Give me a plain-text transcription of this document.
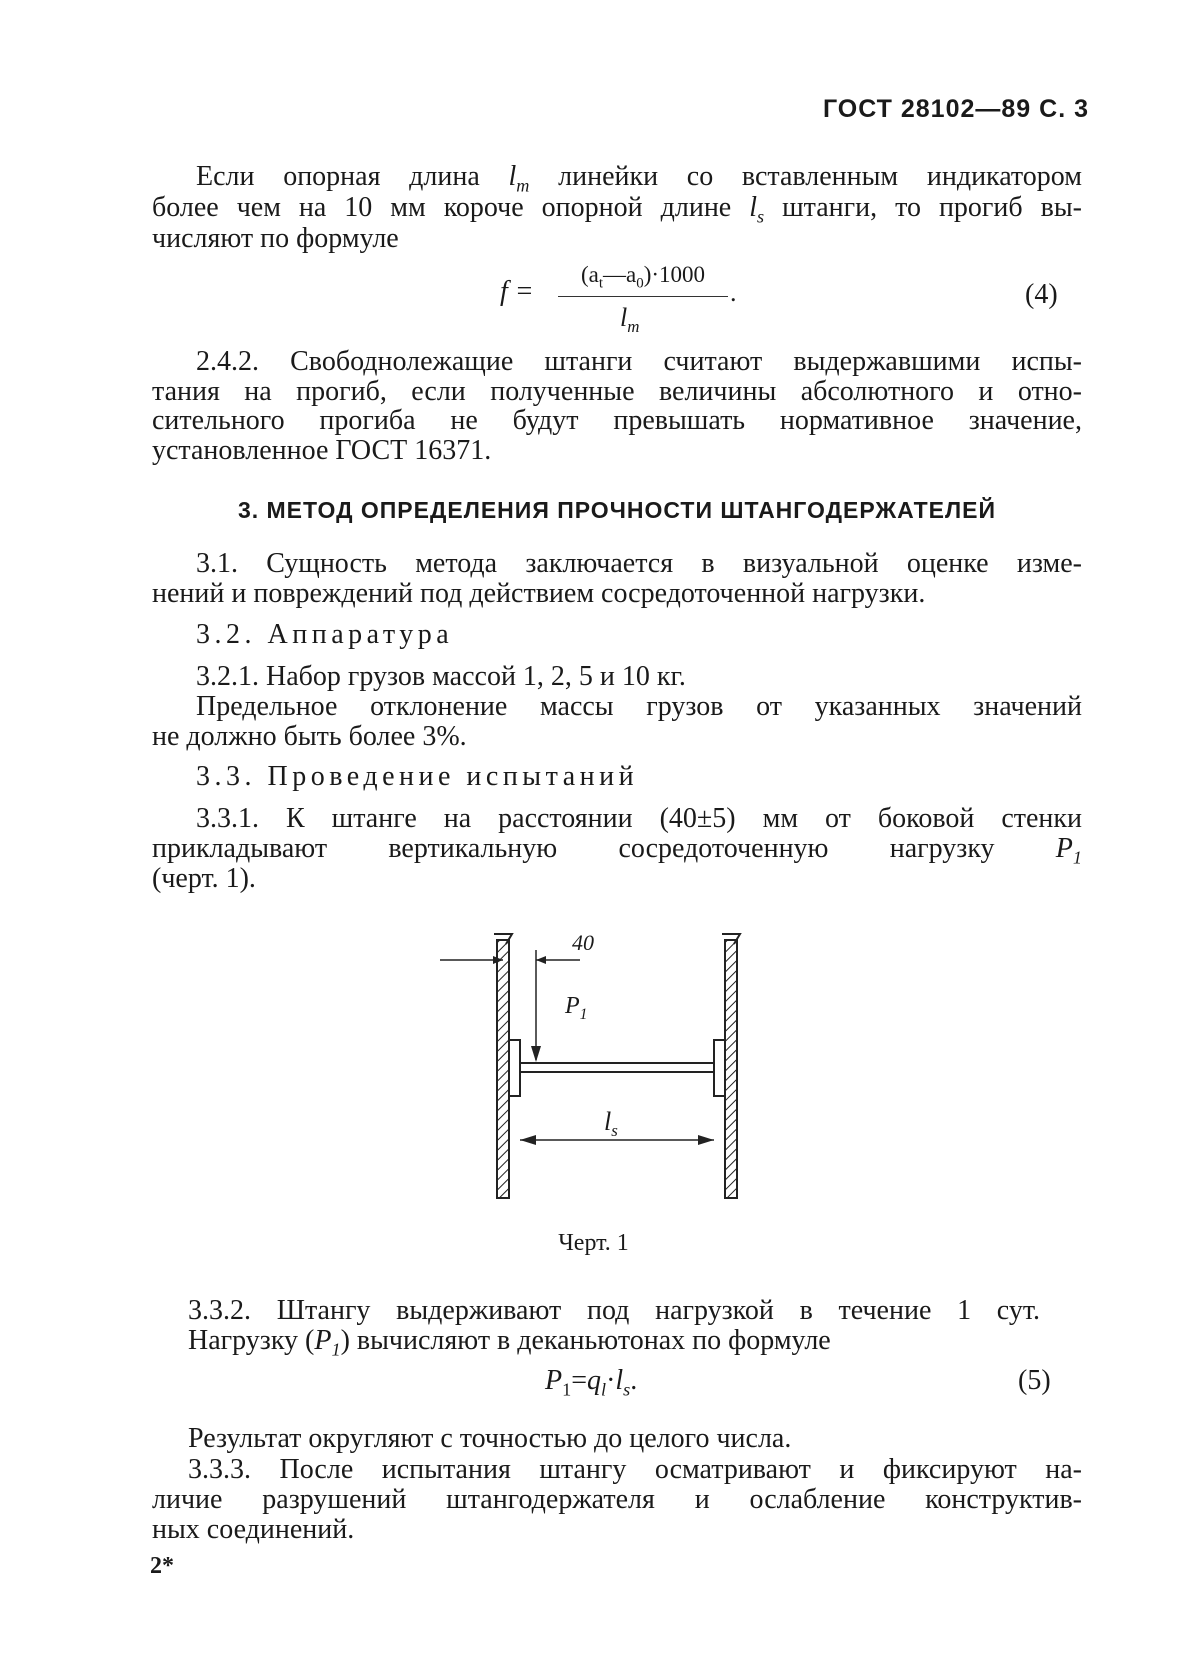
ГОСТ 28102—89 С. 3
Если опорная длина $l_m$ линейки со вставленным индикатором
более чем на 10 мм короче опорной длине $l_s$ штанги, то прогиб вы-
числяют по формуле
f =
$(a_t—a_0)\cdot 1000$
$l_m$
.	(4)
2.4.2. Свободнолежащие штанги считают выдержавшими испы-
тания на прогиб, если полученные величины абсолютного и отно-
сительного прогиба не будут превышать нормативное значение,
установленное ГОСТ 16371.
3. МЕТОД ОПРЕДЕЛЕНИЯ ПРОЧНОСТИ ШТАНГОДЕРЖАТЕЛЕЙ
3.1. Сущность метода заключается в визуальной оценке изме-
нений и повреждений под действием сосредоточенной нагрузки.
3.2. Аппаратура
3.2.1. Набор грузов массой 1, 2, 5 и 10 кг.
Предельное отклонение массы грузов от указанных значений
не должно быть более 3%.
3.3. Проведение испытаний
3.3.1. К штанге на расстоянии (40±5) мм от боковой стенки
прикладывают вертикальную сосредоточенную нагрузку $P_1$
(черт. 1).
40
$P_1$
$l_s$
Черт. 1
3.3.2. Штангу выдерживают под нагрузкой в течение 1 сут.
Нагрузку $(P_1)$ вычисляют в деканьютонах по формуле
$P_1=q_l\cdot l_s$.	(5)
Результат округляют с точностью до целого числа.
3.3.3. После испытания штангу осматривают и фиксируют на-
личие разрушений штангодержателя и ослабление конструктив-
ных соединений.
2*
